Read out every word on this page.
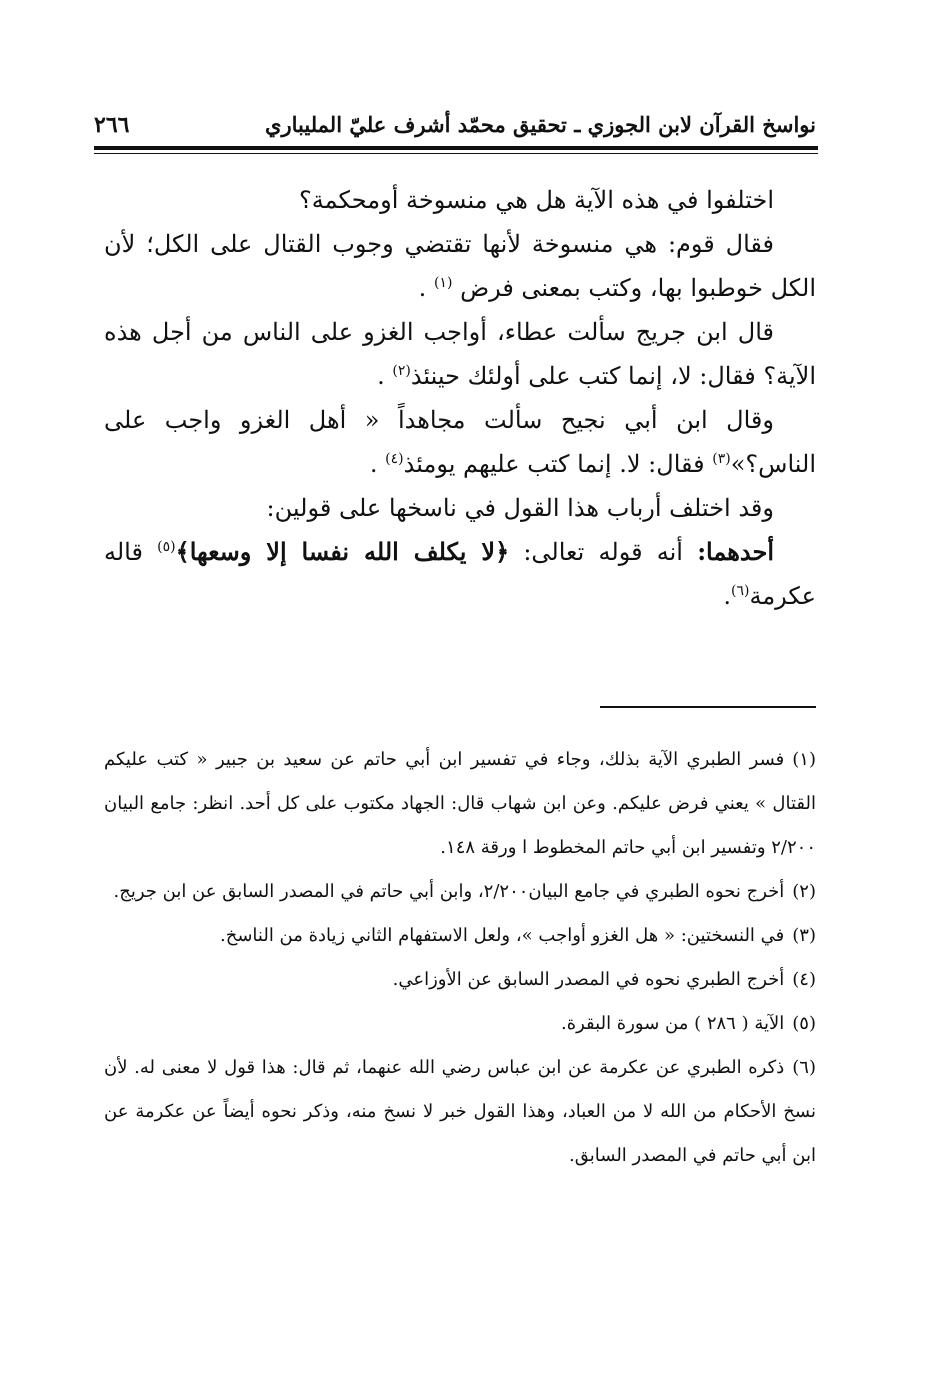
نواسخ القرآن لابن الجوزي ـ تحقيق محمّد أشرف عليّ المليباري
٢٦٦

اختلفوا في هذه الآية هل هي منسوخة أومحكمة؟

فقال قوم: هي منسوخة لأنها تقتضي وجوب القتال على الكل؛ لأن الكل خوطبوا بها، وكتب بمعنى فرض $^{(١)}$ .

قال ابن جريج سألت عطاء، أواجب الغزو على الناس من أجل هذه الآية؟ فقال: لا، إنما كتب على أولئك حينئذ$^{(٢)}$ .

وقال ابن أبي نجيح سألت مجاهداً « أهل الغزو واجب على الناس؟»$^{(٣)}$ فقال: لا. إنما كتب عليهم يومئذ$^{(٤)}$ .

وقد اختلف أرباب هذا القول في ناسخها على قولين:

أحدهما: أنه قوله تعالى: ﴿لا يكلف الله نفسا إلا وسعها﴾$^{(٥)}$ قاله عكرمة$^{(٦)}$.

(١)فسر الطبري الآية بذلك، وجاء في تفسير ابن أبي حاتم عن سعيد بن جبير « كتب عليكم القتال » يعني فرض عليكم. وعن ابن شهاب قال: الجهاد مكتوب على كل أحد. انظر: جامع البيان ٢/٢٠٠ وتفسير ابن أبي حاتم المخطوط ا ورقة ١٤٨.

(٢)أخرج نحوه الطبري في جامع البيان٢/٢٠٠، وابن أبي حاتم في المصدر السابق عن ابن جريج.

(٣)في النسختين: « هل الغزو أواجب »، ولعل الاستفهام الثاني زيادة من الناسخ.

(٤)أخرج الطبري نحوه في المصدر السابق عن الأوزاعي.

(٥)الآية ( ٢٨٦ ) من سورة البقرة.

(٦)ذكره الطبري عن عكرمة عن ابن عباس رضي الله عنهما، ثم قال: هذا قول لا معنى له. لأن نسخ الأحكام من الله لا من العباد، وهذا القول خبر لا نسخ منه، وذكر نحوه أيضاً عن عكرمة عن ابن أبي حاتم في المصدر السابق.
